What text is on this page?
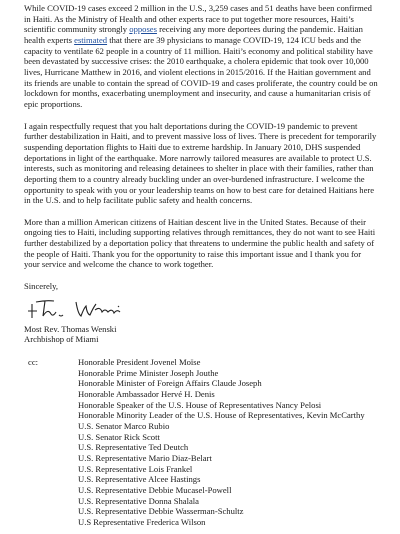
While COVID-19 cases exceed 2 million in the U.S., 3,259 cases and 51 deaths have been confirmed in Haiti. As the Ministry of Health and other experts race to put together more resources, Haiti’s scientific community strongly opposes receiving any more deportees during the pandemic. Haitian health experts estimated that there are 39 physicians to manage COVID-19, 124 ICU beds and the capacity to ventilate 62 people in a country of 11 million. Haiti’s economy and political stability have been devastated by successive crises: the 2010 earthquake, a cholera epidemic that took over 10,000 lives, Hurricane Matthew in 2016, and violent elections in 2015/2016. If the Haitian government and its friends are unable to contain the spread of COVID-19 and cases proliferate, the country could be on lockdown for months, exacerbating unemployment and insecurity, and cause a humanitarian crisis of epic proportions.

I again respectfully request that you halt deportations during the COVID-19 pandemic to prevent further destabilization in Haiti, and to prevent massive loss of lives. There is precedent for temporarily suspending deportation flights to Haiti due to extreme hardship. In January 2010, DHS suspended deportations in light of the earthquake. More narrowly tailored measures are available to protect U.S. interests, such as monitoring and releasing detainees to shelter in place with their families, rather than deporting them to a country already buckling under an over-burdened infrastructure. I welcome the opportunity to speak with you or your leadership teams on how to best care for detained Haitians here in the U.S. and to help facilitate public safety and health concerns.

More than a million American citizens of Haitian descent live in the United States. Because of their ongoing ties to Haiti, including supporting relatives through remittances, they do not want to see Haiti further destabilized by a deportation policy that threatens to undermine the public health and safety of the people of Haiti. Thank you for the opportunity to raise this important issue and I thank you for your service and welcome the chance to work together.

Sincerely,

Most Rev. Thomas Wenski

Archbishop of Miami

cc:	Honorable President Jovenel Moïse
Honorable Prime Minister Joseph Jouthe
Honorable Minister of Foreign Affairs Claude Joseph
Honorable Ambassador Hervé H. Denis
Honorable Speaker of the U.S. House of Representatives Nancy Pelosi
Honorable Minority Leader of the U.S. House of Representatives, Kevin McCarthy
U.S. Senator Marco Rubio
U.S. Senator Rick Scott
U.S. Representative Ted Deutch
U.S. Representative Mario Diaz-Belart
U.S. Representative Lois Frankel
U.S. Representative Alcee Hastings
U.S. Representative Debbie Mucasel-Powell
U.S. Representative Donna Shalala
U.S. Representative Debbie Wasserman-Schultz
U.S Representative Frederica Wilson
